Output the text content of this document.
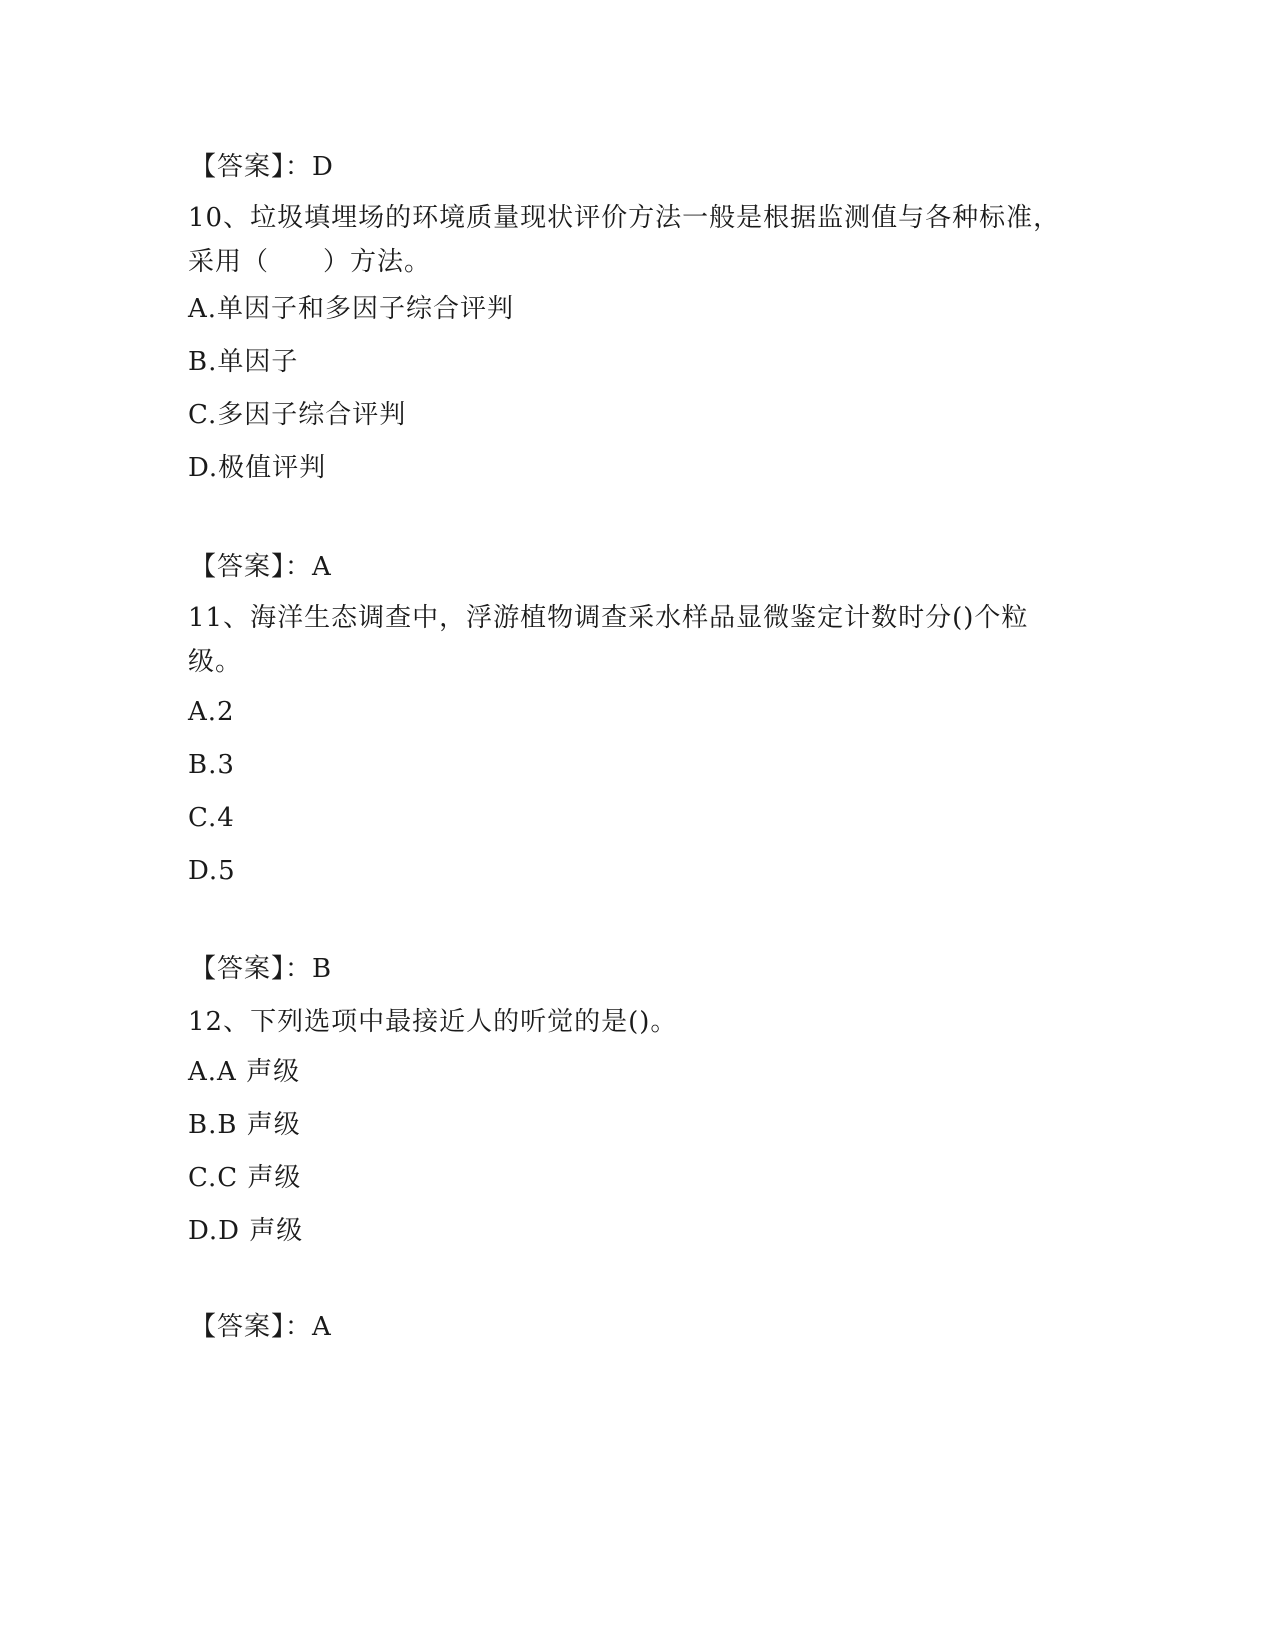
【答案】：D
10、垃圾填埋场的环境质量现状评价方法一般是根据监测值与各种标准，采用（　　）方法。
A.单因子和多因子综合评判
B.单因子
C.多因子综合评判
D.极值评判
【答案】：A
11、海洋生态调查中，浮游植物调查采水样品显微鉴定计数时分()个粒级。
A.2
B.3
C.4
D.5
【答案】：B
12、下列选项中最接近人的听觉的是()。
A.A 声级
B.B 声级
C.C 声级
D.D 声级
【答案】：A
